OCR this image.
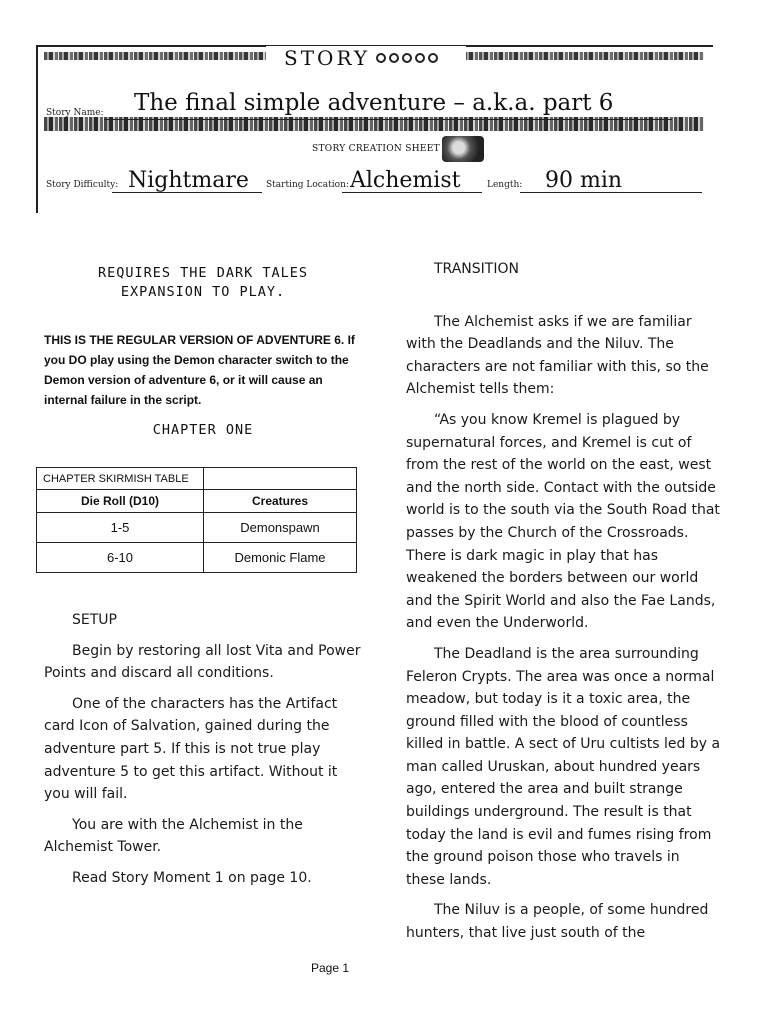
STORY
Story Name: The final simple adventure – a.k.a. part 6
STORY CREATION SHEET
Story Difficulty: Nightmare Starting Location: Alchemist	Length: 90 min
REQUIRES THE DARK TALES
EXPANSION TO PLAY.
THIS IS THE REGULAR VERSION OF ADVENTURE 6. If you DO play using the Demon character switch to the Demon version of adventure 6, or it will cause an internal failure in the script.
CHAPTER ONE
CHAPTER SKIRMISH TABLE	
Die Roll (D10)	Creatures
1-5	Demonspawn
6-10	Demonic Flame
SETUP

Begin by restoring all lost Vita and Power Points and discard all conditions.

One of the characters has the Artifact card Icon of Salvation, gained during the adventure part 5. If this is not true play adventure 5 to get this artifact. Without it you will fail.

You are with the Alchemist in the Alchemist Tower.

Read Story Moment 1 on page 10.

TRANSITION

The Alchemist asks if we are familiar with the Deadlands and the Niluv. The characters are not familiar with this, so the Alchemist tells them:

“As you know Kremel is plagued by supernatural forces, and Kremel is cut of from the rest of the world on the east, west and the north side. Contact with the outside world is to the south via the South Road that passes by the Church of the Crossroads. There is dark magic in play that has weakened the borders between our world and the Spirit World and also the Fae Lands, and even the Underworld.

The Deadland is the area surrounding Feleron Crypts. The area was once a normal meadow, but today is it a toxic area, the ground filled with the blood of countless killed in battle. A sect of Uru cultists led by a man called Uruskan, about hundred years ago, entered the area and built strange buildings underground. The result is that today the land is evil and fumes rising from the ground poison those who travels in these lands.

The Niluv is a people, of some hundred hunters, that live just south of the

Page 1
